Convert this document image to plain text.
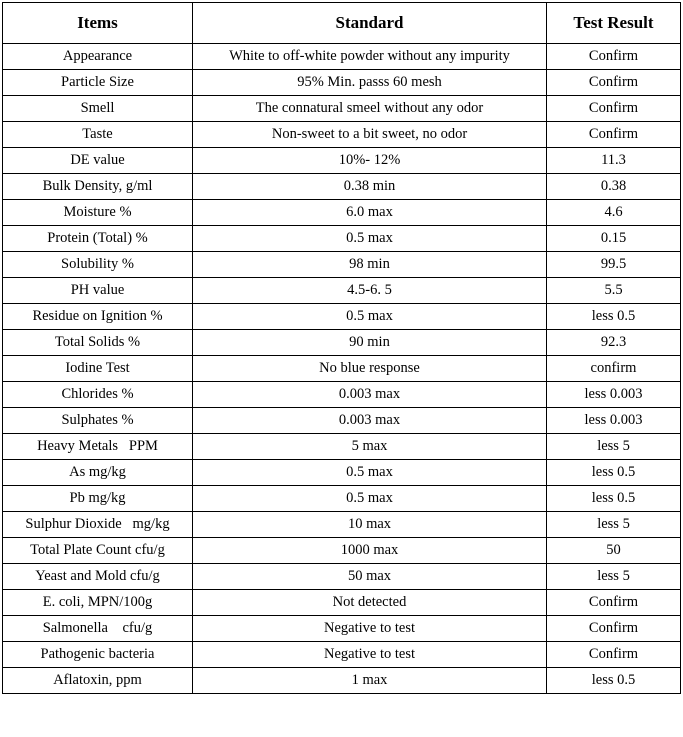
Items	Standard	Test Result
Appearance	White to off-white powder without any impurity	Confirm
Particle Size	95% Min. passs 60 mesh	Confirm
Smell	The connatural smeel without any odor	Confirm
Taste	Non-sweet to a bit sweet, no odor	Confirm
DE value	10%- 12%	11.3
Bulk Density, g/ml	0.38 min	0.38
Moisture %	6.0 max	4.6
Protein (Total) %	0.5 max	0.15
Solubility %	98 min	99.5
PH value	4.5-6. 5	5.5
Residue on Ignition %	0.5 max	less 0.5
Total Solids %	90 min	92.3
Iodine Test	No blue response	confirm
Chlorides %	0.003 max	less 0.003
Sulphates %	0.003 max	less 0.003
Heavy Metals   PPM	5 max	less 5
As mg/kg	0.5 max	less 0.5
Pb mg/kg	0.5 max	less 0.5
Sulphur Dioxide   mg/kg	10 max	less 5
Total Plate Count cfu/g	1000 max	50
Yeast and Mold cfu/g	50 max	less 5
E. coli, MPN/100g	Not detected	Confirm
Salmonella    cfu/g	Negative to test	Confirm
Pathogenic bacteria	Negative to test	Confirm
Aflatoxin, ppm	1 max	less 0.5
